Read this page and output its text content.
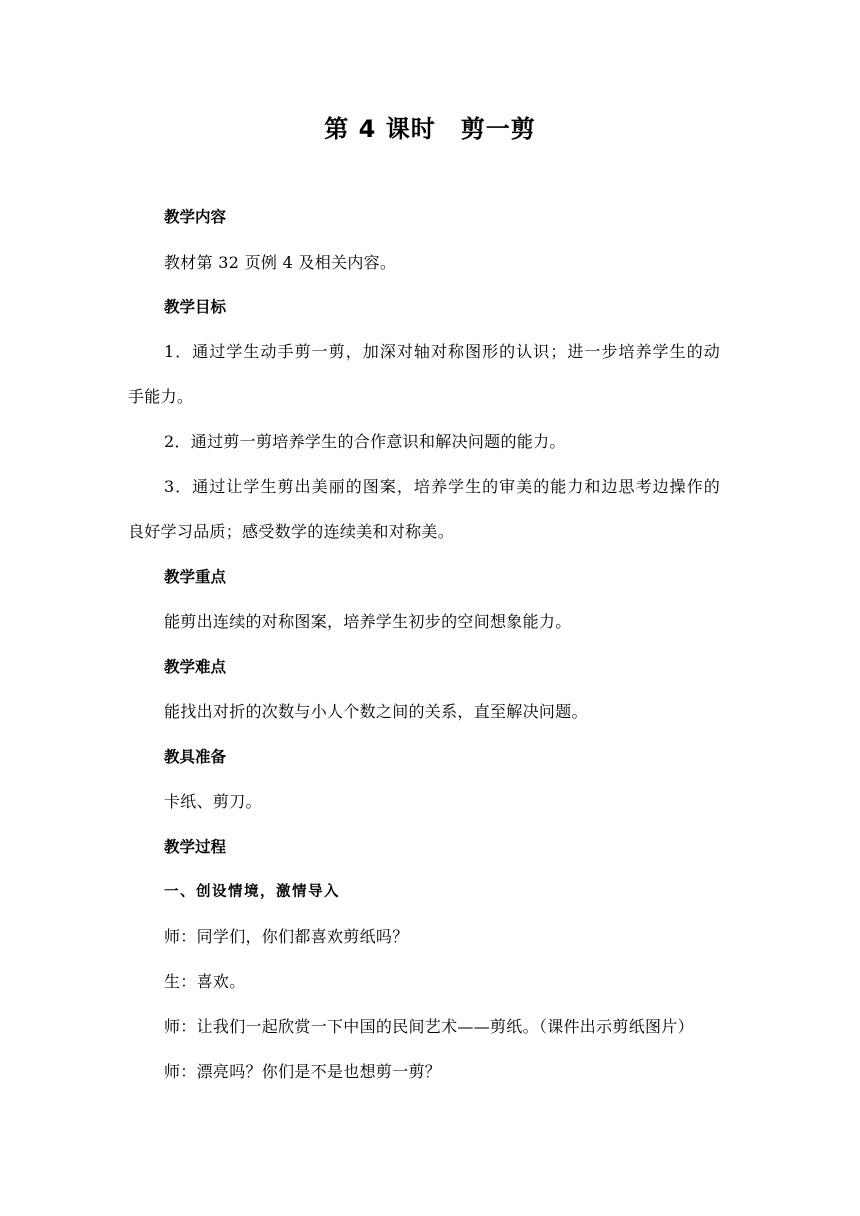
第 4 课时　剪一剪
教学内容
教材第 32 页例 4 及相关内容。
教学目标
1．通过学生动手剪一剪，加深对轴对称图形的认识；进一步培养学生的动
手能力。
2．通过剪一剪培养学生的合作意识和解决问题的能力。
3．通过让学生剪出美丽的图案，培养学生的审美的能力和边思考边操作的
良好学习品质；感受数学的连续美和对称美。
教学重点
能剪出连续的对称图案，培养学生初步的空间想象能力。
教学难点
能找出对折的次数与小人个数之间的关系，直至解决问题。
教具准备
卡纸、剪刀。
教学过程
一、创设情境，激情导入
师：同学们，你们都喜欢剪纸吗？
生：喜欢。
师：让我们一起欣赏一下中国的民间艺术——剪纸。（课件出示剪纸图片）
师：漂亮吗？你们是不是也想剪一剪？
